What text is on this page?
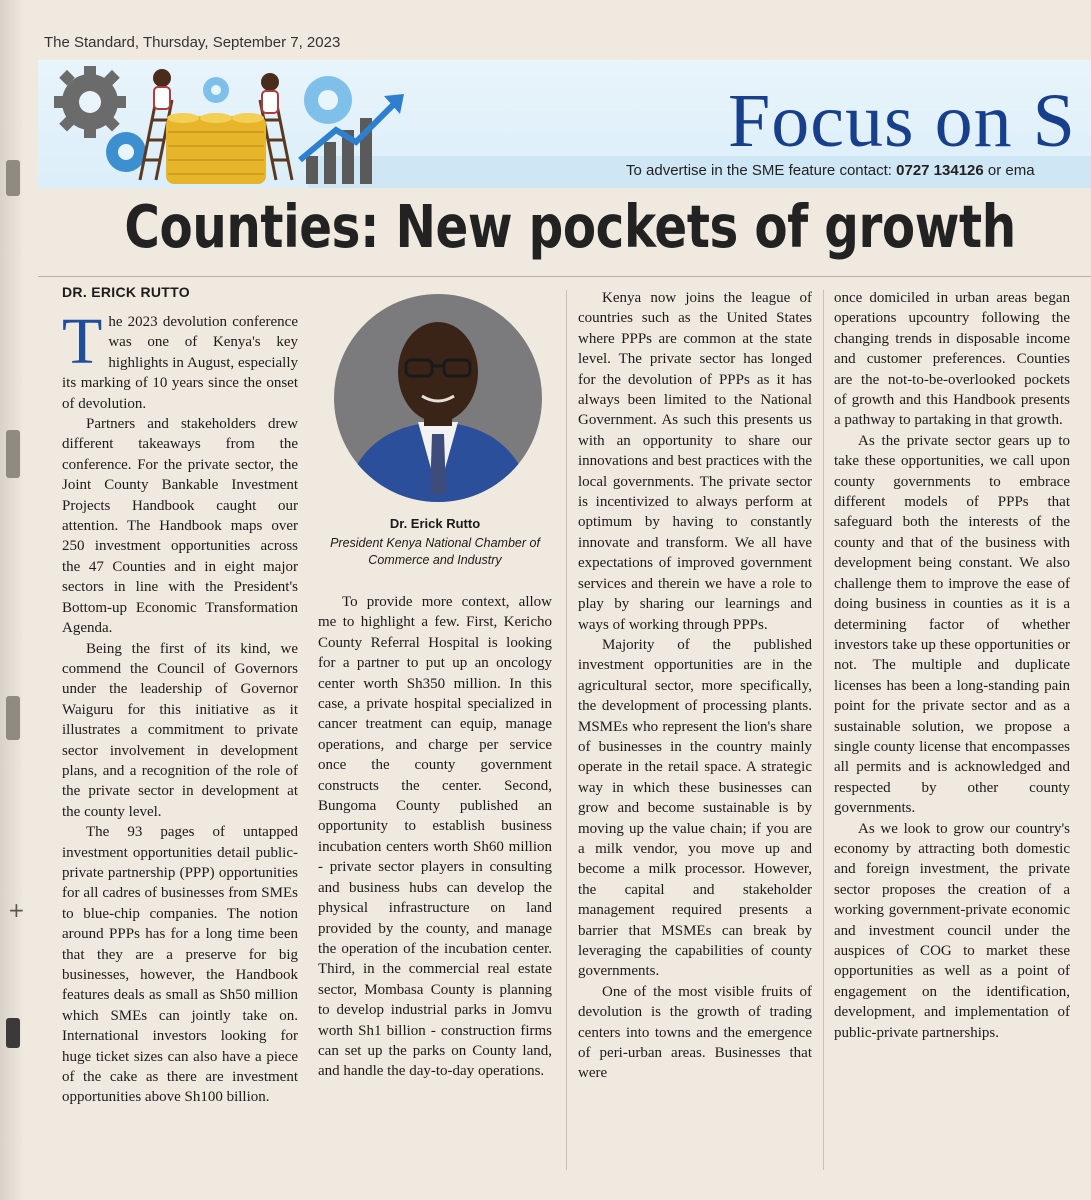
+
The Standard, Thursday, September 7, 2023
Focus on S
To advertise in the SME feature contact: 0727 134126 or ema
Counties: New pockets of growth
DR. ERICK RUTTO

The 2023 devolution conference was one of Kenya's key highlights in August, especially its marking of 10 years since the onset of devolution.

Partners and stakeholders drew different takeaways from the conference. For the private sector, the Joint County Bankable Investment Projects Handbook caught our attention. The Handbook maps over 250 investment opportunities across the 47 Counties and in eight major sectors in line with the President's Bottom-up Economic Transformation Agenda.

Being the first of its kind, we commend the Council of Governors under the leadership of Governor Waiguru for this initiative as it illustrates a commitment to private sector involvement in development plans, and a recognition of the role of the private sector in development at the county level.

The 93 pages of untapped investment opportunities detail public-private partnership (PPP) opportunities for all cadres of businesses from SMEs to blue-chip companies. The notion around PPPs has for a long time been that they are a preserve for big businesses, however, the Handbook features deals as small as Sh50 million which SMEs can jointly take on. International investors looking for huge ticket sizes can also have a piece of the cake as there are investment opportunities above Sh100 billion.

Dr. Erick Rutto
President Kenya National Chamber of Commerce and Industry

To provide more context, allow me to highlight a few. First, Kericho County Referral Hospital is looking for a partner to put up an oncology center worth Sh350 million. In this case, a private hospital specialized in cancer treatment can equip, manage operations, and charge per service once the county government constructs the center. Second, Bungoma County published an opportunity to establish business incubation centers worth Sh60 million - private sector players in consulting and business hubs can develop the physical infrastructure on land provided by the county, and manage the operation of the incubation center. Third, in the commercial real estate sector, Mombasa County is planning to develop industrial parks in Jomvu worth Sh1 billion - construction firms can set up the parks on County land, and handle the day-to-day operations.

Kenya now joins the league of countries such as the United States where PPPs are common at the state level. The private sector has longed for the devolution of PPPs as it has always been limited to the National Government. As such this presents us with an opportunity to share our innovations and best practices with the local governments. The private sector is incentivized to always perform at optimum by having to constantly innovate and transform. We all have expectations of improved government services and therein we have a role to play by sharing our learnings and ways of working through PPPs.

Majority of the published investment opportunities are in the agricultural sector, more specifically, the development of processing plants. MSMEs who represent the lion's share of businesses in the country mainly operate in the retail space. A strategic way in which these businesses can grow and become sustainable is by moving up the value chain; if you are a milk vendor, you move up and become a milk processor. However, the capital and stakeholder management required presents a barrier that MSMEs can break by leveraging the capabilities of county governments.

One of the most visible fruits of devolution is the growth of trading centers into towns and the emergence of peri-urban areas. Businesses that were

once domiciled in urban areas began operations upcountry following the changing trends in disposable income and customer preferences. Counties are the not-to-be-overlooked pockets of growth and this Handbook presents a pathway to partaking in that growth.

As the private sector gears up to take these opportunities, we call upon county governments to embrace different models of PPPs that safeguard both the interests of the county and that of the business with development being constant. We also challenge them to improve the ease of doing business in counties as it is a determining factor of whether investors take up these opportunities or not. The multiple and duplicate licenses has been a long-standing pain point for the private sector and as a sustainable solution, we propose a single county license that encompasses all permits and is acknowledged and respected by other county governments.

As we look to grow our country's economy by attracting both domestic and foreign investment, the private sector proposes the creation of a working government-private economic and investment council under the auspices of COG to market these opportunities as well as a point of engagement on the identification, development, and implementation of public-private partnerships.
